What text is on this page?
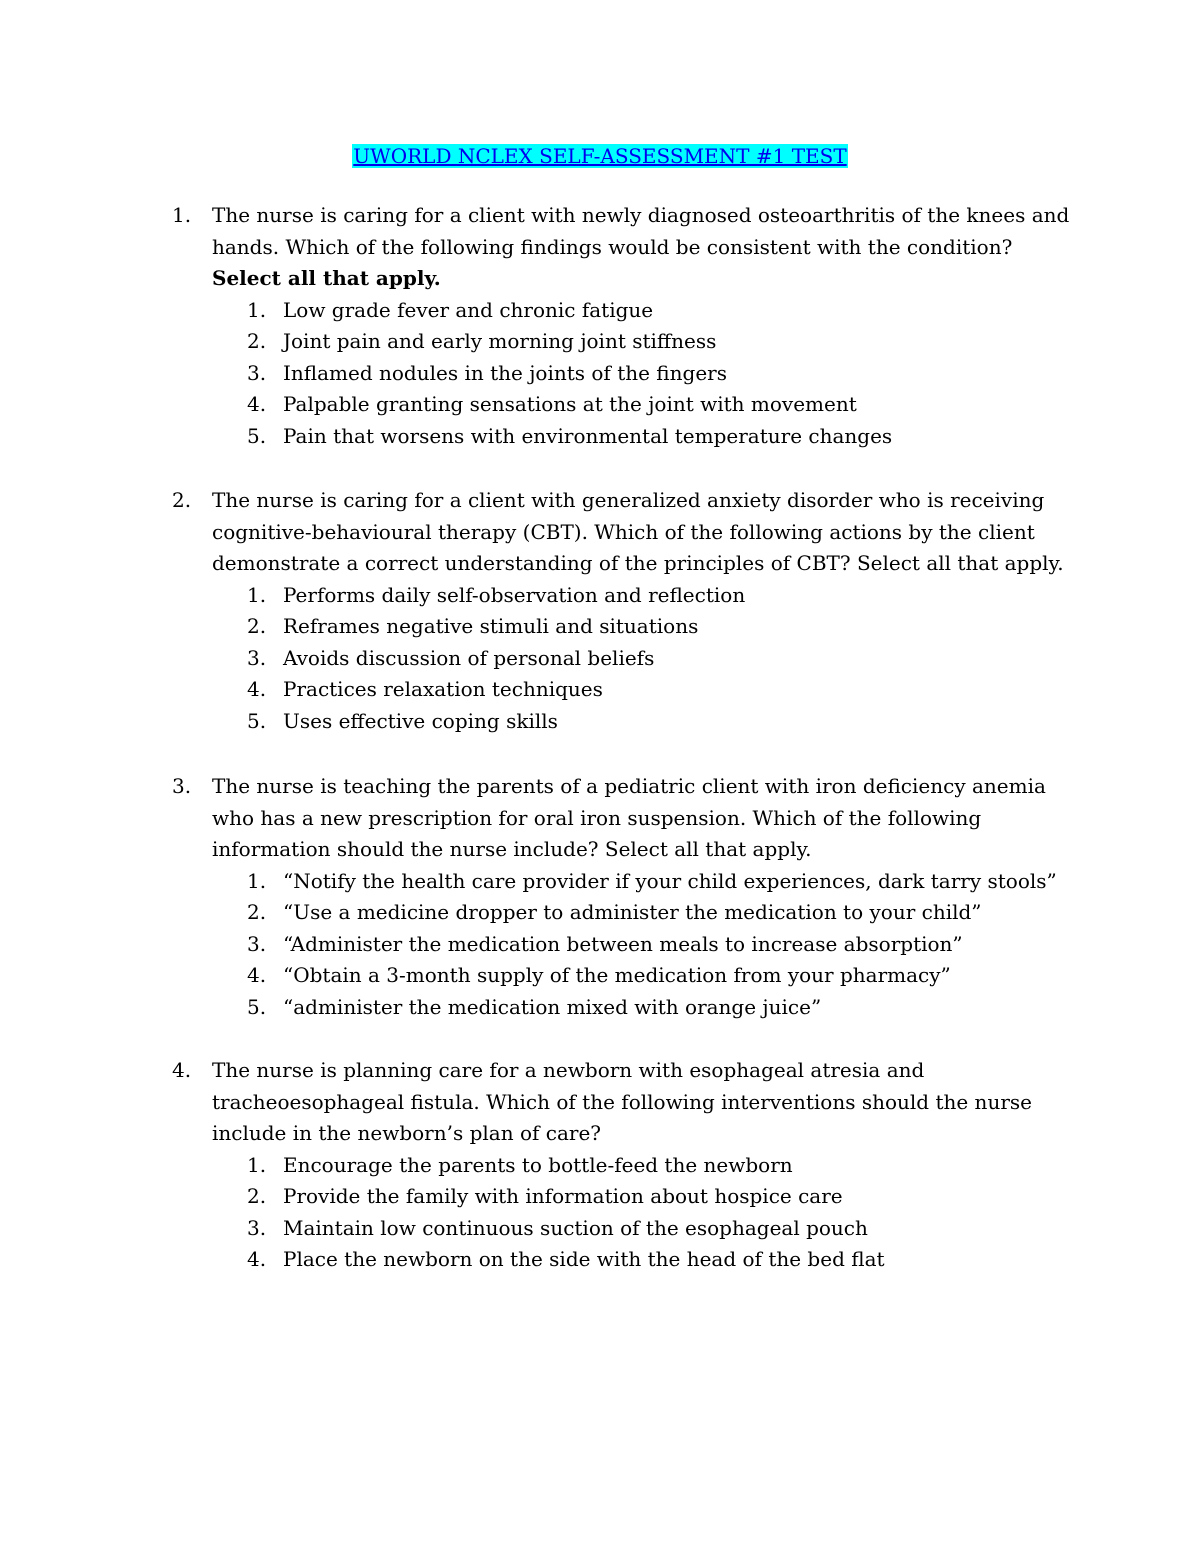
UWORLD NCLEX SELF-ASSESSMENT #1 TEST
1. The nurse is caring for a client with newly diagnosed osteoarthritis of the knees and
hands. Which of the following findings would be consistent with the condition?
Select all that apply.
1. Low grade fever and chronic fatigue
2. Joint pain and early morning joint stiffness
3. Inflamed nodules in the joints of the fingers
4. Palpable granting sensations at the joint with movement
5. Pain that worsens with environmental temperature changes
2. The nurse is caring for a client with generalized anxiety disorder who is receiving
cognitive-behavioural therapy (CBT). Which of the following actions by the client
demonstrate a correct understanding of the principles of CBT? Select all that apply.
1. Performs daily self-observation and reflection
2. Reframes negative stimuli and situations
3. Avoids discussion of personal beliefs
4. Practices relaxation techniques
5. Uses effective coping skills
3. The nurse is teaching the parents of a pediatric client with iron deficiency anemia
who has a new prescription for oral iron suspension. Which of the following
information should the nurse include? Select all that apply.
1. “Notify the health care provider if your child experiences, dark tarry stools”
2. “Use a medicine dropper to administer the medication to your child”
3. “Administer the medication between meals to increase absorption”
4. “Obtain a 3-month supply of the medication from your pharmacy”
5. “administer the medication mixed with orange juice”
4. The nurse is planning care for a newborn with esophageal atresia and
tracheoesophageal fistula. Which of the following interventions should the nurse
include in the newborn’s plan of care?
1. Encourage the parents to bottle-feed the newborn
2. Provide the family with information about hospice care
3. Maintain low continuous suction of the esophageal pouch
4. Place the newborn on the side with the head of the bed flat
